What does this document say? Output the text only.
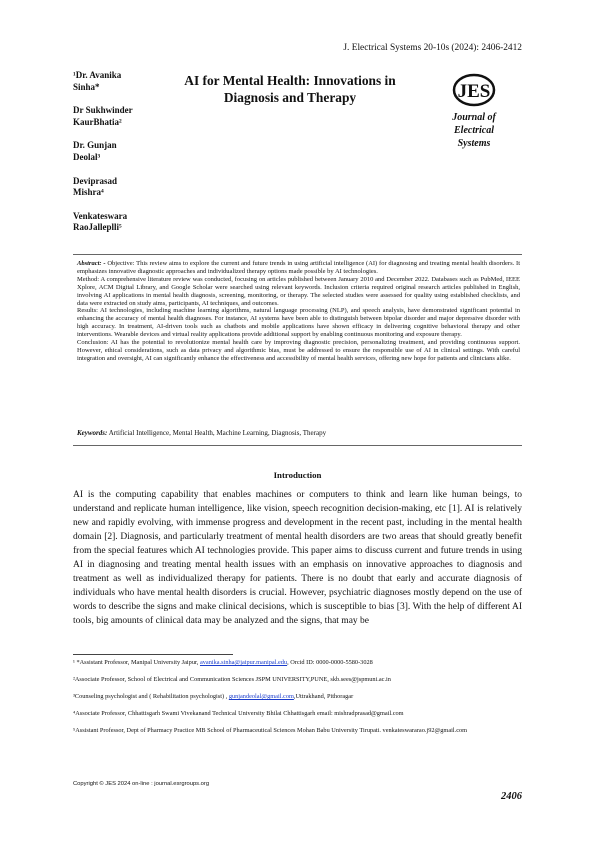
J. Electrical Systems 20-10s (2024): 2406-2412
¹Dr. Avanika
Sinha*
Dr Sukhwinder
KaurBhatia²
Dr. Gunjan
Deolal³
Deviprasad
Mishra⁴
Venkateswara
RaoJalleplli⁵
AI for Mental Health: Innovations in
Diagnosis and Therapy	JES
Journal of
Electrical
Systems

Abstract: - Objective: This review aims to explore the current and future trends in using artificial intelligence (AI) for diagnosing and treating mental health disorders. It emphasizes innovative diagnostic approaches and individualized therapy options made possible by AI technologies.

Method: A comprehensive literature review was conducted, focusing on articles published between January 2010 and December 2022. Databases such as PubMed, IEEE Xplore, ACM Digital Library, and Google Scholar were searched using relevant keywords. Inclusion criteria required original research articles published in English, involving AI applications in mental health diagnosis, screening, monitoring, or therapy. The selected studies were assessed for quality using established checklists, and data were extracted on study aims, participants, AI techniques, and outcomes.

Results: AI technologies, including machine learning algorithms, natural language processing (NLP), and speech analysis, have demonstrated significant potential in enhancing the accuracy of mental health diagnoses. For instance, AI systems have been able to distinguish between bipolar disorder and major depressive disorder with high accuracy. In treatment, AI-driven tools such as chatbots and mobile applications have shown efficacy in delivering cognitive behavioral therapy and other interventions. Wearable devices and virtual reality applications provide additional support by enabling continuous monitoring and exposure therapy.

Conclusion: AI has the potential to revolutionize mental health care by improving diagnostic precision, personalizing treatment, and providing continuous support. However, ethical considerations, such as data privacy and algorithmic bias, must be addressed to ensure the responsible use of AI in clinical settings. With careful integration and oversight, AI can significantly enhance the effectiveness and accessibility of mental health services, offering new hope for patients and clinicians alike.

Keywords: Artificial Intelligence, Mental Health, Machine Learning, Diagnosis, Therapy
Introduction

AI is the computing capability that enables machines or computers to think and learn like human beings, to understand and replicate human intelligence, like vision, speech recognition decision-making, etc [1]. AI is relatively new and rapidly evolving, with immense progress and development in the recent past, including in the mental health domain [2]. Diagnosis, and particularly treatment of mental health disorders are two areas that should greatly benefit from the special features which AI technologies provide. This paper aims to discuss current and future trends in using AI in diagnosing and treating mental health issues with an emphasis on innovative approaches to diagnosis and treatment as well as individualized therapy for patients. There is no doubt that early and accurate diagnosis of individuals who have mental health disorders is crucial. However, psychiatric diagnoses mostly depend on the use of words to describe the signs and make clinical decisions, which is susceptible to bias [3]. With the help of different AI tools, big amounts of clinical data may be analyzed and the signs, that may be

¹ *Assistant Professor, Manipal University Jaipur, avanika.sinha@jaipur.manipal.edu, Orcid ID: 0000-0000-5580-3028
²Associate Professor, School of Electrical and Communication Sciences JSPM UNIVERSITY,PUNE, skb.sees@jspmuni.ac.in
³Counseling psychologist and ( Rehabilitation psychologist) , gunjandeolal@gmail.com,Uttrakhand, Pithoragar
⁴Associate Professor, Chhattisgarh Swami Vivekanand Technical University Bhilai Chhattisgarh email: mishradprasad@gmail.com
⁵Assistant Professor, Dept of Pharmacy Practice MB School of Pharmaceutical Sciences Mohan Babu University Tirupati. venkateswararao.j92@gmail.com
Copyright © JES 2024 on-line : journal.esrgroups.org
2406
